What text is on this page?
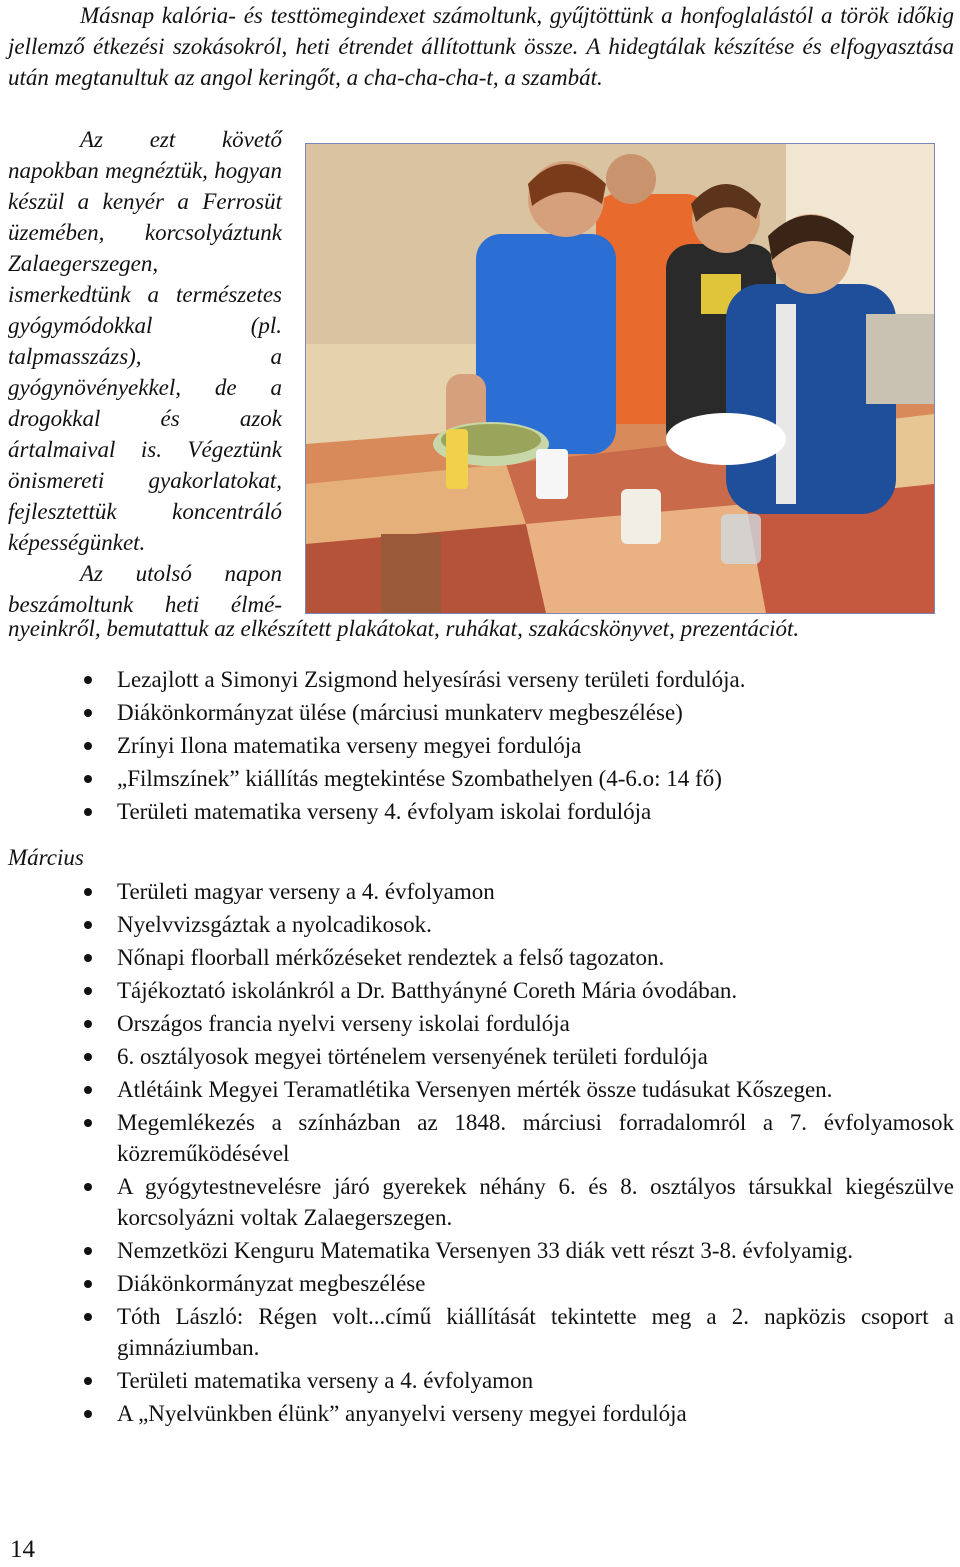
Másnap kalória- és testtömegindexet számoltunk, gyűjtöttünk a honfoglalástól a török időkig jellemző étkezési szokásokról, heti étrendet állítottunk össze. A hidegtálak készítése és elfogyasztása után megtanultuk az angol keringőt, a cha-cha-cha-t, a szambát.

Az ezt követő napokban megnéztük, hogyan készül a kenyér a Ferrosüt üzemében, korcsolyáztunk Zalaegerszegen, ismerkedtünk a természetes gyógymódokkal (pl. talpmasszázs), a gyógynövényekkel, de a drogokkal és azok ártalmaival is. Végeztünk önismereti gyakorlatokat, fejlesztettük koncentráló képességünket.

Az utolsó napon beszámoltunk heti élmé-

nyeinkről, bemutattuk az elkészített plakátokat, ruhákat, szakácskönyvet, prezentációt.
Lezajlott a Simonyi Zsigmond helyesírási verseny területi fordulója.
Diákönkormányzat ülése (márciusi munkaterv megbeszélése)
Zrínyi Ilona matematika verseny megyei fordulója
„Filmszínek” kiállítás megtekintése Szombathelyen (4-6.o: 14 fő)
Területi matematika verseny 4. évfolyam iskolai fordulója
Március
Területi magyar verseny a 4. évfolyamon
Nyelvvizsgáztak a nyolcadikosok.
Nőnapi floorball mérkőzéseket rendeztek a felső tagozaton.
Tájékoztató iskolánkról a Dr. Batthyányné Coreth Mária óvodában.
Országos francia nyelvi verseny iskolai fordulója
6. osztályosok megyei történelem versenyének területi fordulója
Atlétáink Megyei Teramatlétika Versenyen mérték össze tudásukat Kőszegen.
Megemlékezés a színházban az 1848. márciusi forradalomról a 7. évfolyamosok közreműködésével
A gyógytestnevelésre járó gyerekek néhány 6. és 8. osztályos társukkal kiegészülve korcsolyázni voltak Zalaegerszegen.
Nemzetközi Kenguru Matematika Versenyen 33 diák vett részt 3-8. évfolyamig.
Diákönkormányzat megbeszélése
Tóth László: Régen volt...című kiállítását tekintette meg a 2. napközis csoport a gimnáziumban.
Területi matematika verseny a 4. évfolyamon
A „Nyelvünkben élünk” anyanyelvi verseny megyei fordulója
14
